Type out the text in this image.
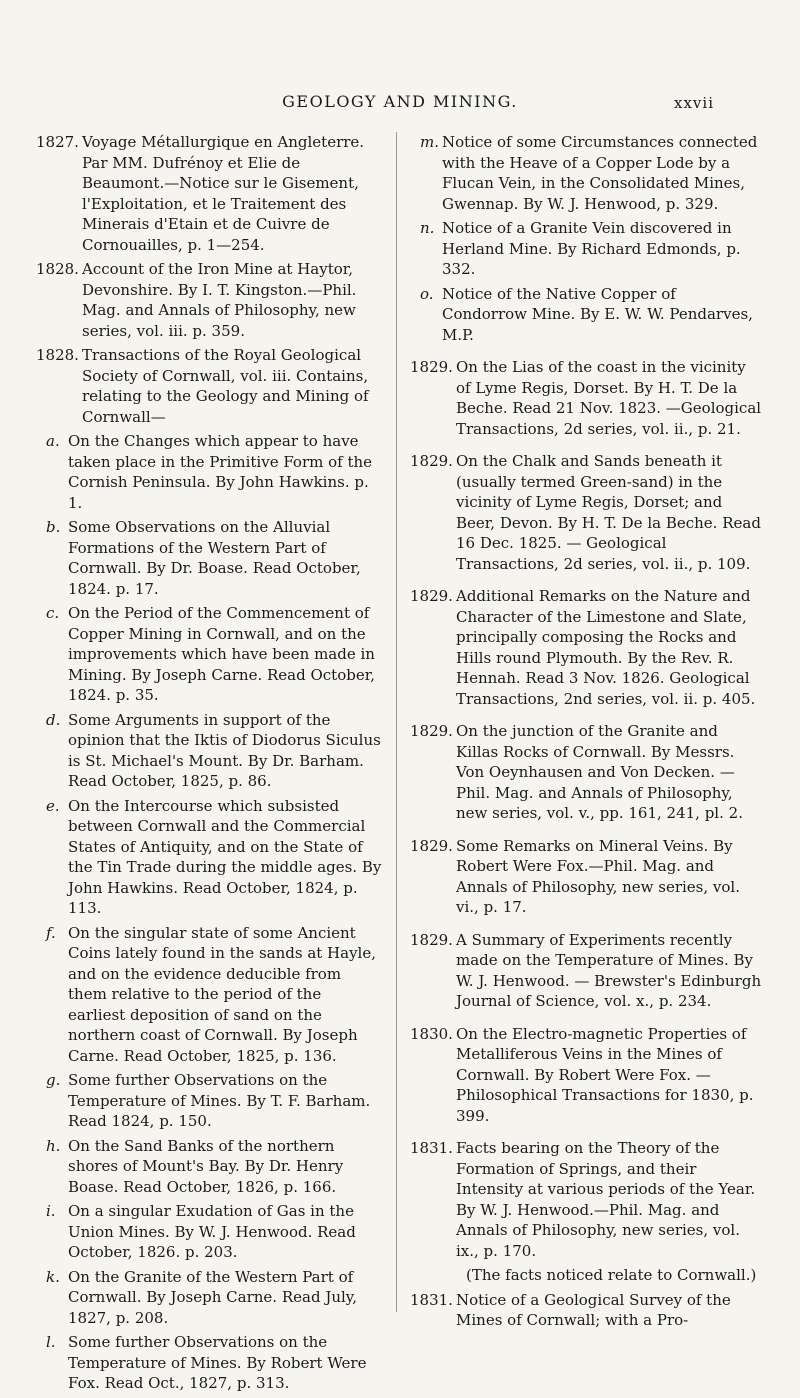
GEOLOGY AND MINING.	xxvii
1827. Voyage Métallurgique en Angleterre. Par MM. Dufrénoy et Elie de Beaumont.—Notice sur le Gisement, l'Exploitation, et le Traitement des Minerais d'Etain et de Cuivre de Cornouailles, p. 1—254.
1828. Account of the Iron Mine at Haytor, Devonshire. By I. T. Kingston.—Phil. Mag. and Annals of Philosophy, new series, vol. iii. p. 359.
1828. Transactions of the Royal Geological Society of Cornwall, vol. iii. Contains, relating to the Geology and Mining of Cornwall—
a. On the Changes which appear to have taken place in the Primitive Form of the Cornish Peninsula. By John Hawkins. p. 1.
b. Some Observations on the Alluvial Formations of the Western Part of Cornwall. By Dr. Boase. Read October, 1824. p. 17.
c. On the Period of the Commencement of Copper Mining in Cornwall, and on the improvements which have been made in Mining. By Joseph Carne. Read October, 1824. p. 35.
d. Some Arguments in support of the opinion that the Iktis of Diodorus Siculus is St. Michael's Mount. By Dr. Barham. Read October, 1825, p. 86.
e. On the Intercourse which subsisted between Cornwall and the Commercial States of Antiquity, and on the State of the Tin Trade during the middle ages. By John Hawkins. Read October, 1824, p. 113.
f. On the singular state of some Ancient Coins lately found in the sands at Hayle, and on the evidence deducible from them relative to the period of the earliest deposition of sand on the northern coast of Cornwall. By Joseph Carne. Read October, 1825, p. 136.
g. Some further Observations on the Temperature of Mines. By T. F. Barham. Read 1824, p. 150.
h. On the Sand Banks of the northern shores of Mount's Bay. By Dr. Henry Boase. Read October, 1826, p. 166.
i. On a singular Exudation of Gas in the Union Mines. By W. J. Henwood. Read October, 1826. p. 203.
k. On the Granite of the Western Part of Cornwall. By Joseph Carne. Read July, 1827, p. 208.
l. Some further Observations on the Temperature of Mines. By Robert Were Fox. Read Oct., 1827, p. 313.
m. Notice of some Circumstances connected with the Heave of a Copper Lode by a Flucan Vein, in the Consolidated Mines, Gwennap. By W. J. Henwood, p. 329.
n. Notice of a Granite Vein discovered in Herland Mine. By Richard Edmonds, p. 332.
o. Notice of the Native Copper of Condorrow Mine. By E. W. W. Pendarves, M.P.
1829. On the Lias of the coast in the vicinity of Lyme Regis, Dorset. By H. T. De la Beche. Read 21 Nov. 1823. —Geological Transactions, 2d series, vol. ii., p. 21.
1829. On the Chalk and Sands beneath it (usually termed Green-sand) in the vicinity of Lyme Regis, Dorset; and Beer, Devon. By H. T. De la Beche. Read 16 Dec. 1825. — Geological Transactions, 2d series, vol. ii., p. 109.
1829. Additional Remarks on the Nature and Character of the Limestone and Slate, principally composing the Rocks and Hills round Plymouth. By the Rev. R. Hennah. Read 3 Nov. 1826. Geological Transactions, 2nd series, vol. ii. p. 405.
1829. On the junction of the Granite and Killas Rocks of Cornwall. By Messrs. Von Oeynhausen and Von Decken. —Phil. Mag. and Annals of Philosophy, new series, vol. v., pp. 161, 241, pl. 2.
1829. Some Remarks on Mineral Veins. By Robert Were Fox.—Phil. Mag. and Annals of Philosophy, new series, vol. vi., p. 17.
1829. A Summary of Experiments recently made on the Temperature of Mines. By W. J. Henwood. — Brewster's Edinburgh Journal of Science, vol. x., p. 234.
1830. On the Electro-magnetic Properties of Metalliferous Veins in the Mines of Cornwall. By Robert Were Fox. — Philosophical Transactions for 1830, p. 399.
1831. Facts bearing on the Theory of the Formation of Springs, and their Intensity at various periods of the Year. By W. J. Henwood.—Phil. Mag. and Annals of Philosophy, new series, vol. ix., p. 170.
(The facts noticed relate to Cornwall.)
1831. Notice of a Geological Survey of the Mines of Cornwall; with a Pro-
